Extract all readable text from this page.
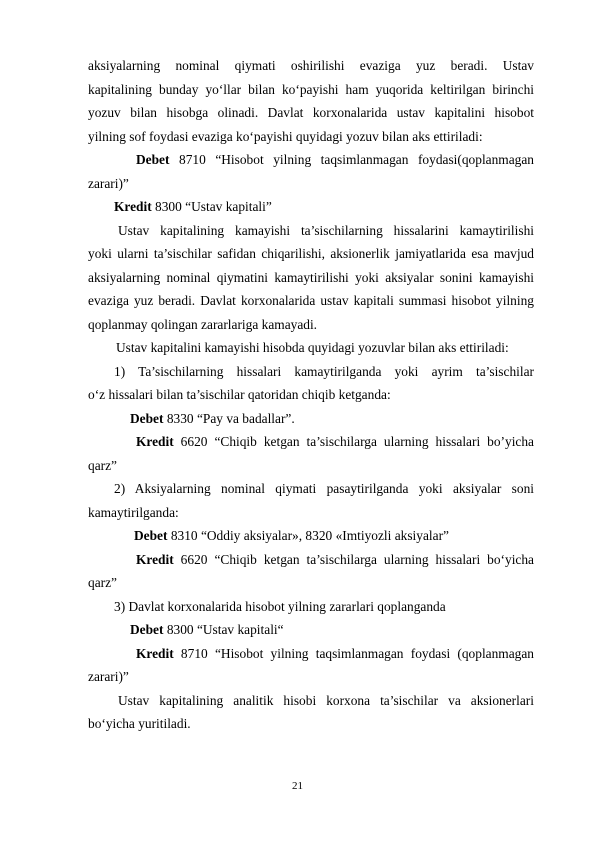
aksiyalarning nominal qiymati oshirilishi evaziga yuz beradi. Ustav
kapitalining bunday yo‘llar bilan ko‘payishi ham yuqorida keltirilgan birinchi
yozuv bilan hisobga olinadi. Davlat korxonalarida ustav kapitalini hisobot
yilning sof foydasi evaziga ko‘payishi quyidagi yozuv bilan aks ettiriladi:
Debet 8710 “Hisobot yilning taqsimlanmagan foydasi(qoplanmagan
zarari)”
Kredit 8300 “Ustav kapitali”
Ustav kapitalining kamayishi ta’sischilarning hissalarini kamaytirilishi
yoki ularni ta’sischilar safidan chiqarilishi, aksionerlik jamiyatlarida esa mavjud
aksiyalarning nominal qiymatini kamaytirilishi yoki aksiyalar sonini kamayishi
evaziga yuz beradi. Davlat korxonalarida ustav kapitali summasi hisobot yilning
qoplanmay qolingan zararlariga kamayadi.
Ustav kapitalini kamayishi hisobda quyidagi yozuvlar bilan aks ettiriladi:
1) Ta’sischilarning hissalari kamaytirilganda yoki ayrim ta’sischilar
o‘z hissalari bilan ta’sischilar qatoridan chiqib ketganda:
Debet 8330 “Pay va badallar”.
Kredit 6620 “Chiqib ketgan ta’sischilarga ularning hissalari bo’yicha
qarz”
2) Aksiyalarning nominal qiymati pasaytirilganda yoki aksiyalar soni
kamaytirilganda:
Debet 8310 “Oddiy aksiyalar», 8320 «Imtiyozli aksiyalar”
Kredit 6620 “Chiqib ketgan ta’sischilarga ularning hissalari bo‘yicha
qarz”
3) Davlat korxonalarida hisobot yilning zararlari qoplanganda
Debet 8300 “Ustav kapitali“
Kredit 8710 “Hisobot yilning taqsimlanmagan foydasi (qoplanmagan
zarari)”
Ustav kapitalining analitik hisobi korxona ta’sischilar va aksionerlari
bo‘yicha yuritiladi.
21
